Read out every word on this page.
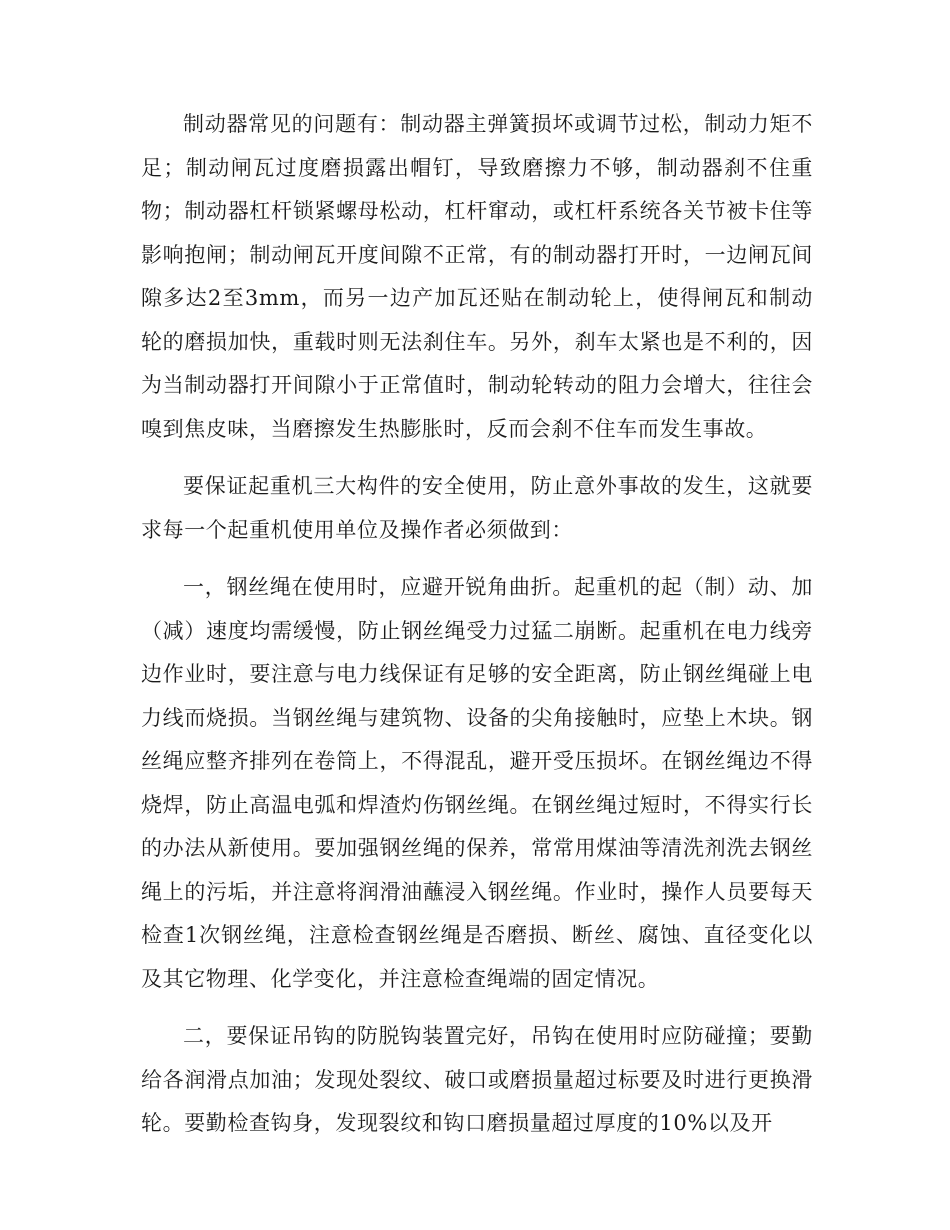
制动器常见的问题有：制动器主弹簧损坏或调节过松，制动力矩不足；制动闸瓦过度磨损露出帽钉，导致磨擦力不够，制动器刹不住重物；制动器杠杆锁紧螺母松动，杠杆窜动，或杠杆系统各关节被卡住等影响抱闸；制动闸瓦开度间隙不正常，有的制动器打开时，一边闸瓦间隙多达2至3mm，而另一边产加瓦还贴在制动轮上，使得闸瓦和制动轮的磨损加快，重载时则无法刹住车。另外，刹车太紧也是不利的，因为当制动器打开间隙小于正常值时，制动轮转动的阻力会增大，往往会嗅到焦皮味，当磨擦发生热膨胀时，反而会刹不住车而发生事故。

要保证起重机三大构件的安全使用，防止意外事故的发生，这就要求每一个起重机使用单位及操作者必须做到：

一，钢丝绳在使用时，应避开锐角曲折。起重机的起（制）动、加（减）速度均需缓慢，防止钢丝绳受力过猛二崩断。起重机在电力线旁边作业时，要注意与电力线保证有足够的安全距离，防止钢丝绳碰上电力线而烧损。当钢丝绳与建筑物、设备的尖角接触时，应垫上木块。钢丝绳应整齐排列在卷筒上，不得混乱，避开受压损坏。在钢丝绳边不得烧焊，防止高温电弧和焊渣灼伤钢丝绳。在钢丝绳过短时，不得实行长的办法从新使用。要加强钢丝绳的保养，常常用煤油等清洗剂洗去钢丝绳上的污垢，并注意将润滑油蘸浸入钢丝绳。作业时，操作人员要每天检查1次钢丝绳，注意检查钢丝绳是否磨损、断丝、腐蚀、直径变化以及其它物理、化学变化，并注意检查绳端的固定情况。

二，要保证吊钩的防脱钩装置完好，吊钩在使用时应防碰撞；要勤给各润滑点加油；发现处裂纹、破口或磨损量超过标要及时进行更换滑轮。要勤检查钩身，发现裂纹和钩口磨损量超过厚度的10%以及开
